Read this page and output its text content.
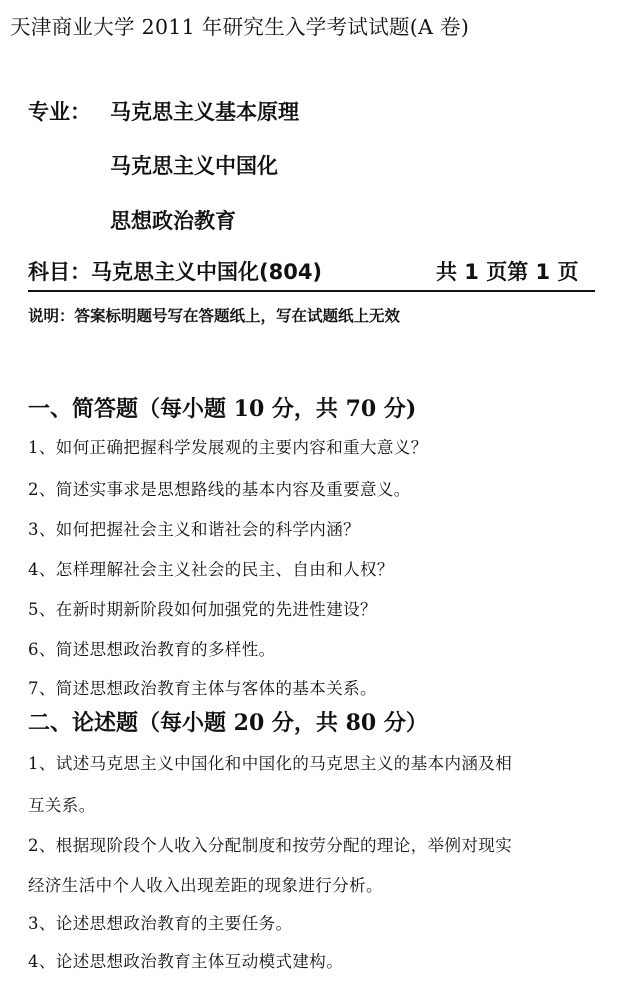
天津商业大学 2011 年研究生入学考试试题(A 卷)
专业： 马克思主义基本原理
马克思主义中国化
思想政治教育
科目：马克思主义中国化(804)	共 1 页第 1 页
说明：答案标明题号写在答题纸上，写在试题纸上无效
一、简答题（每小题 10 分，共 70 分)
1、如何正确把握科学发展观的主要内容和重大意义？
2、简述实事求是思想路线的基本内容及重要意义。
3、如何把握社会主义和谐社会的科学内涵？
4、怎样理解社会主义社会的民主、自由和人权？
5、在新时期新阶段如何加强党的先进性建设？
6、简述思想政治教育的多样性。
7、简述思想政治教育主体与客体的基本关系。
二、论述题（每小题 20 分，共 80 分）
1、试述马克思主义中国化和中国化的马克思主义的基本内涵及相
互关系。
2、根据现阶段个人收入分配制度和按劳分配的理论，举例对现实
经济生活中个人收入出现差距的现象进行分析。
3、论述思想政治教育的主要任务。
4、论述思想政治教育主体互动模式建构。
